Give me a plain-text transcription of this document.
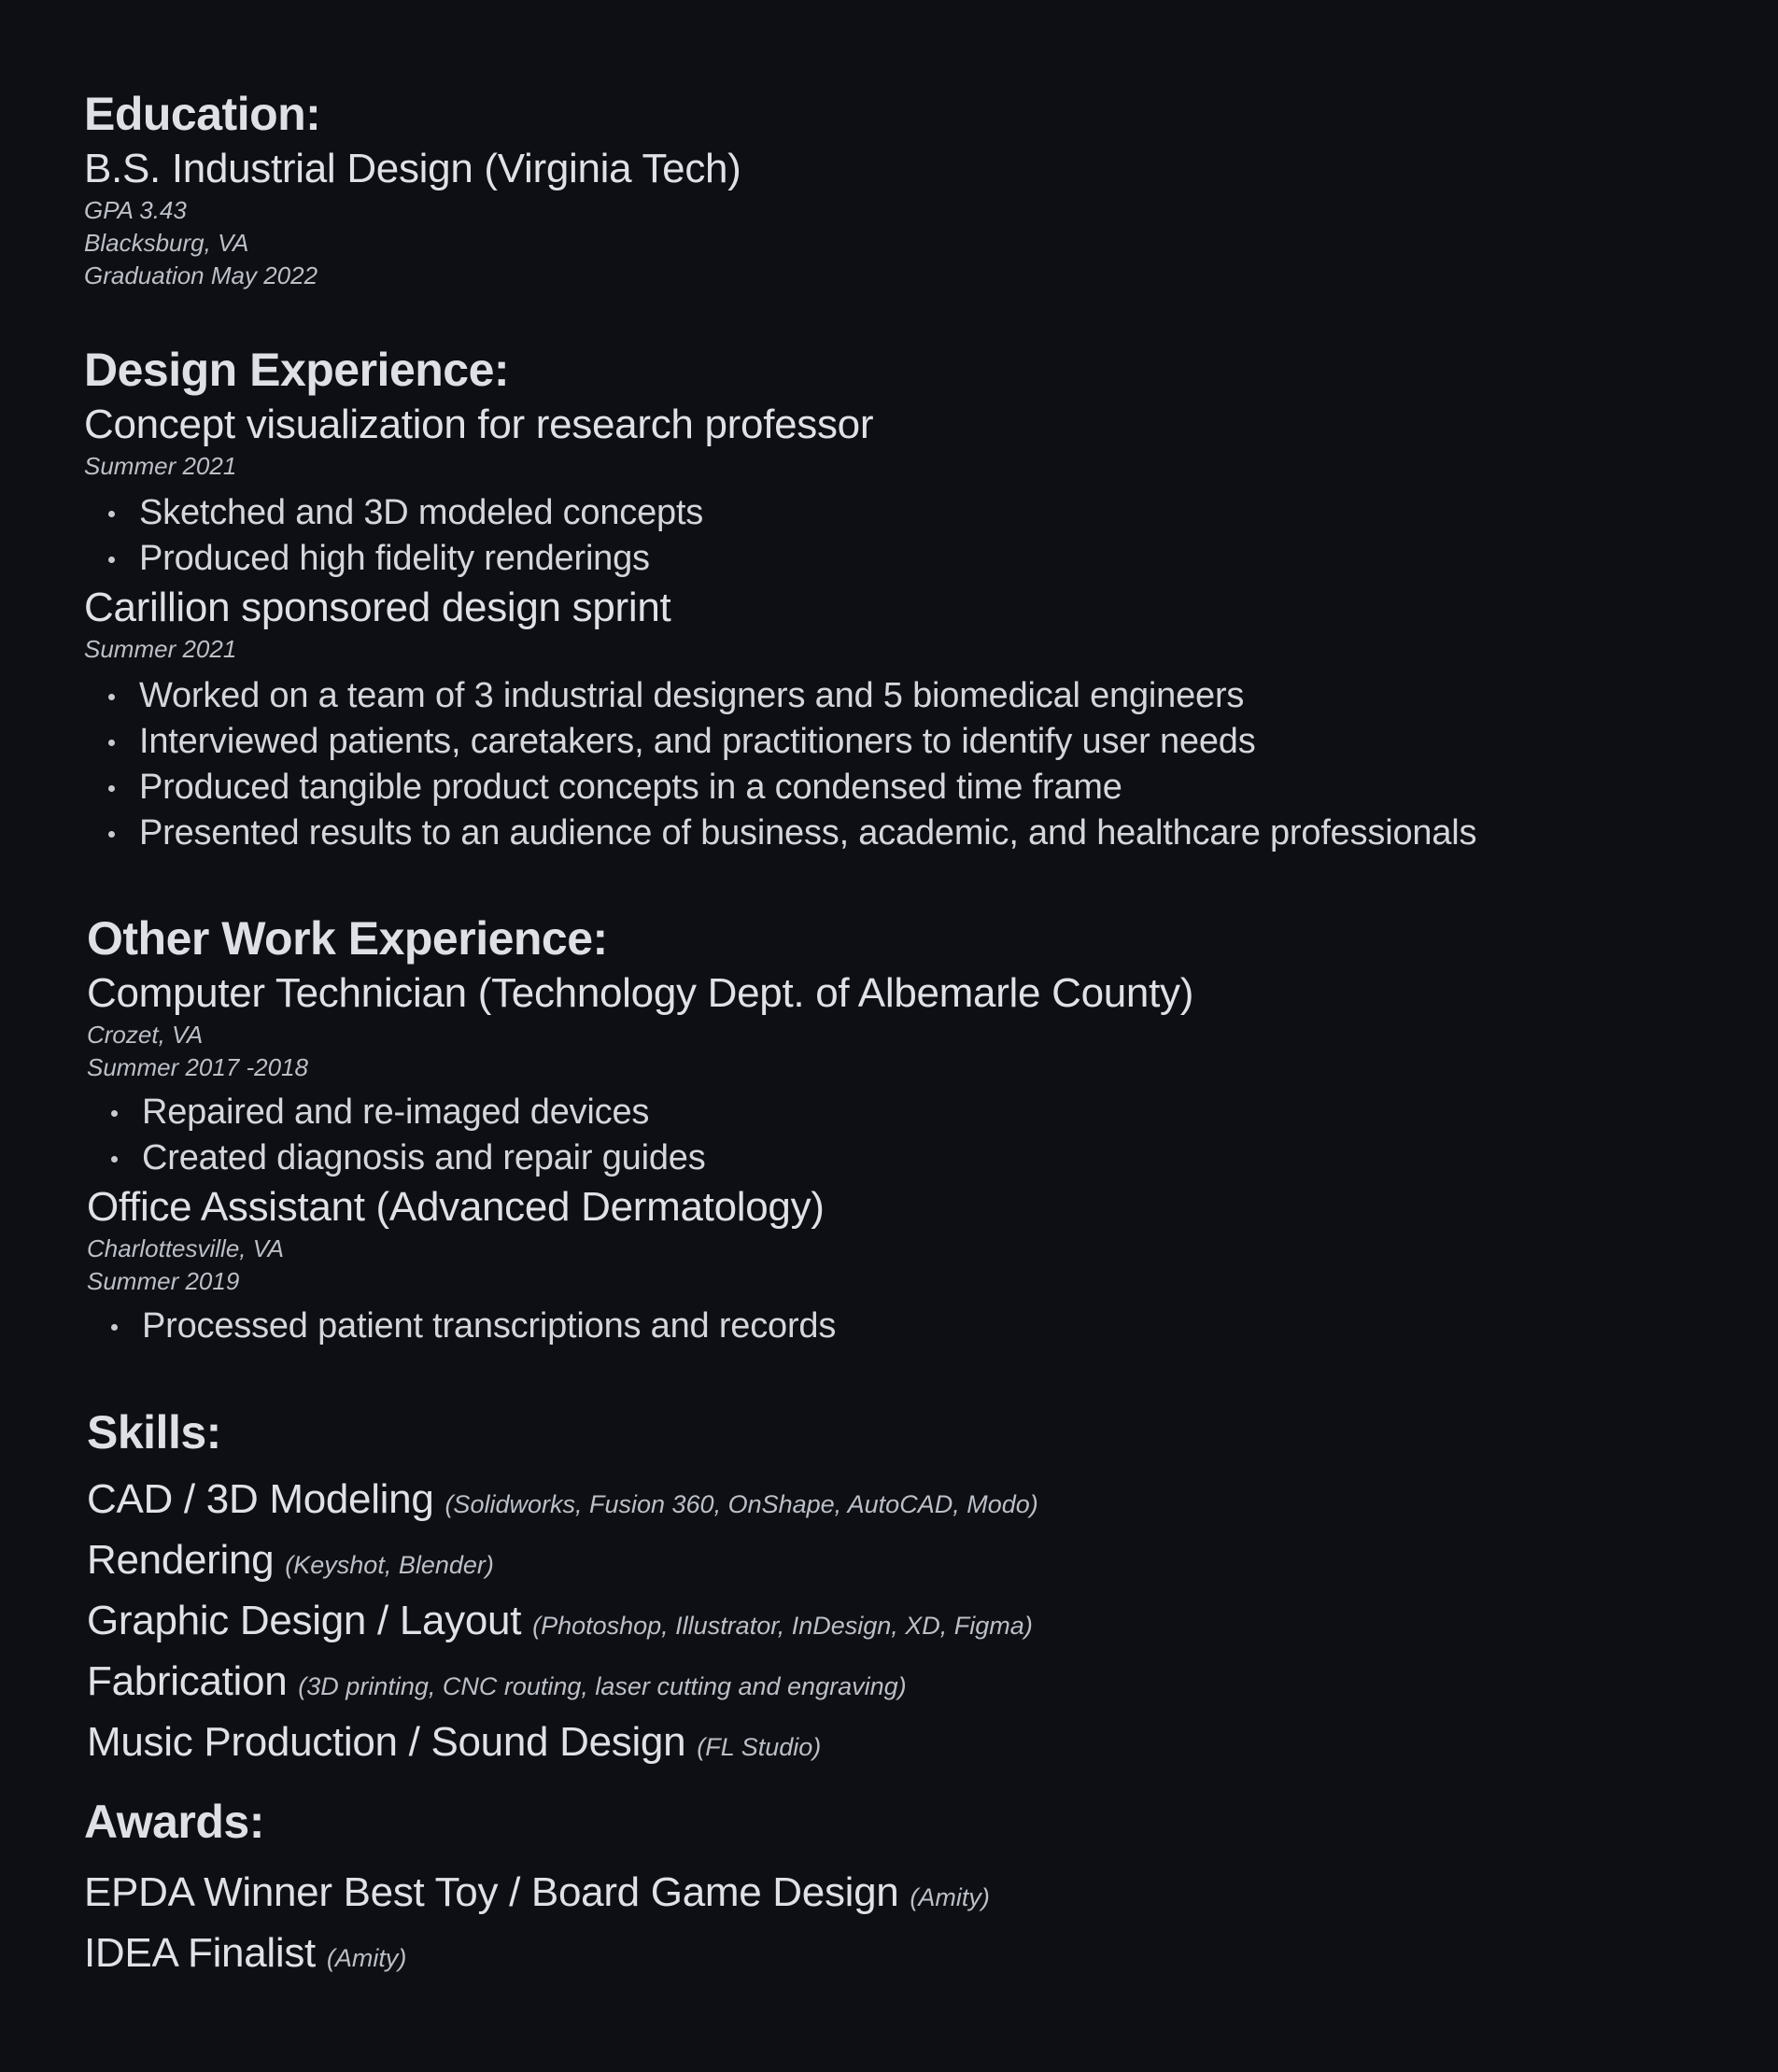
Education:
B.S. Industrial Design (Virginia Tech)
GPA 3.43
Blacksburg, VA
Graduation May 2022
Design Experience:
Concept visualization for research professor
Summer 2021
Sketched and 3D modeled concepts
Produced high fidelity renderings
Carillion sponsored design sprint
Summer 2021
Worked on a team of 3 industrial designers and 5 biomedical engineers
Interviewed patients, caretakers, and practitioners to identify user needs
Produced tangible product concepts in a condensed time frame
Presented results to an audience of business, academic, and healthcare professionals
Other Work Experience:
Computer Technician (Technology Dept. of Albemarle County)
Crozet, VA
Summer 2017 -2018
Repaired and re-imaged devices
Created diagnosis and repair guides
Office Assistant (Advanced Dermatology)
Charlottesville, VA
Summer 2019
Processed patient transcriptions and records
Skills:
CAD / 3D Modeling (Solidworks, Fusion 360, OnShape, AutoCAD, Modo)
Rendering (Keyshot, Blender)
Graphic Design / Layout (Photoshop, Illustrator, InDesign, XD, Figma)
Fabrication (3D printing, CNC routing, laser cutting and engraving)
Music Production / Sound Design (FL Studio)
Awards:
EPDA Winner Best Toy / Board Game Design (Amity)
IDEA Finalist (Amity)
